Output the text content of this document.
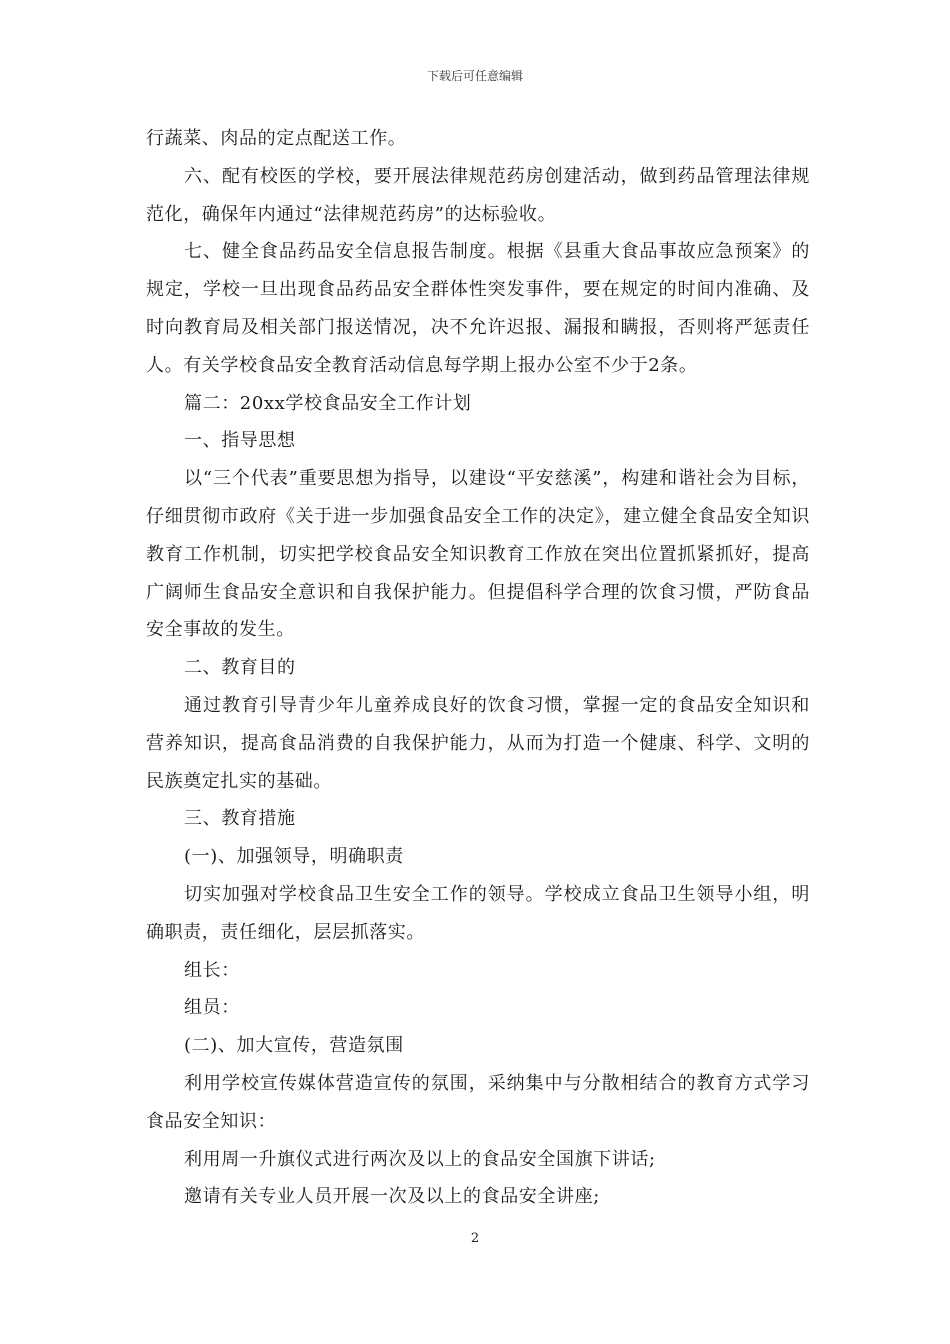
下载后可任意编辑

行蔬菜、肉品的定点配送工作。

六、配有校医的学校，要开展法律规范药房创建活动，做到药品管理法律规范化，确保年内通过“法律规范药房”的达标验收。

七、健全食品药品安全信息报告制度。根据《县重大食品事故应急预案》的规定，学校一旦出现食品药品安全群体性突发事件，要在规定的时间内准确、及时向教育局及相关部门报送情况，决不允许迟报、漏报和瞒报，否则将严惩责任人。有关学校食品安全教育活动信息每学期上报办公室不少于2条。

篇二：20xx学校食品安全工作计划

一、指导思想

以“三个代表”重要思想为指导，以建设“平安慈溪”，构建和谐社会为目标，仔细贯彻市政府《关于进一步加强食品安全工作的决定》，建立健全食品安全知识教育工作机制，切实把学校食品安全知识教育工作放在突出位置抓紧抓好，提高广阔师生食品安全意识和自我保护能力。但提倡科学合理的饮食习惯，严防食品安全事故的发生。

二、教育目的

通过教育引导青少年儿童养成良好的饮食习惯，掌握一定的食品安全知识和营养知识，提高食品消费的自我保护能力，从而为打造一个健康、科学、文明的民族奠定扎实的基础。

三、教育措施

(一)、加强领导，明确职责

切实加强对学校食品卫生安全工作的领导。学校成立食品卫生领导小组，明确职责，责任细化，层层抓落实。

组长：

组员：

(二)、加大宣传，营造氛围

利用学校宣传媒体营造宣传的氛围，采纳集中与分散相结合的教育方式学习食品安全知识：

利用周一升旗仪式进行两次及以上的食品安全国旗下讲话;

邀请有关专业人员开展一次及以上的食品安全讲座;

2
